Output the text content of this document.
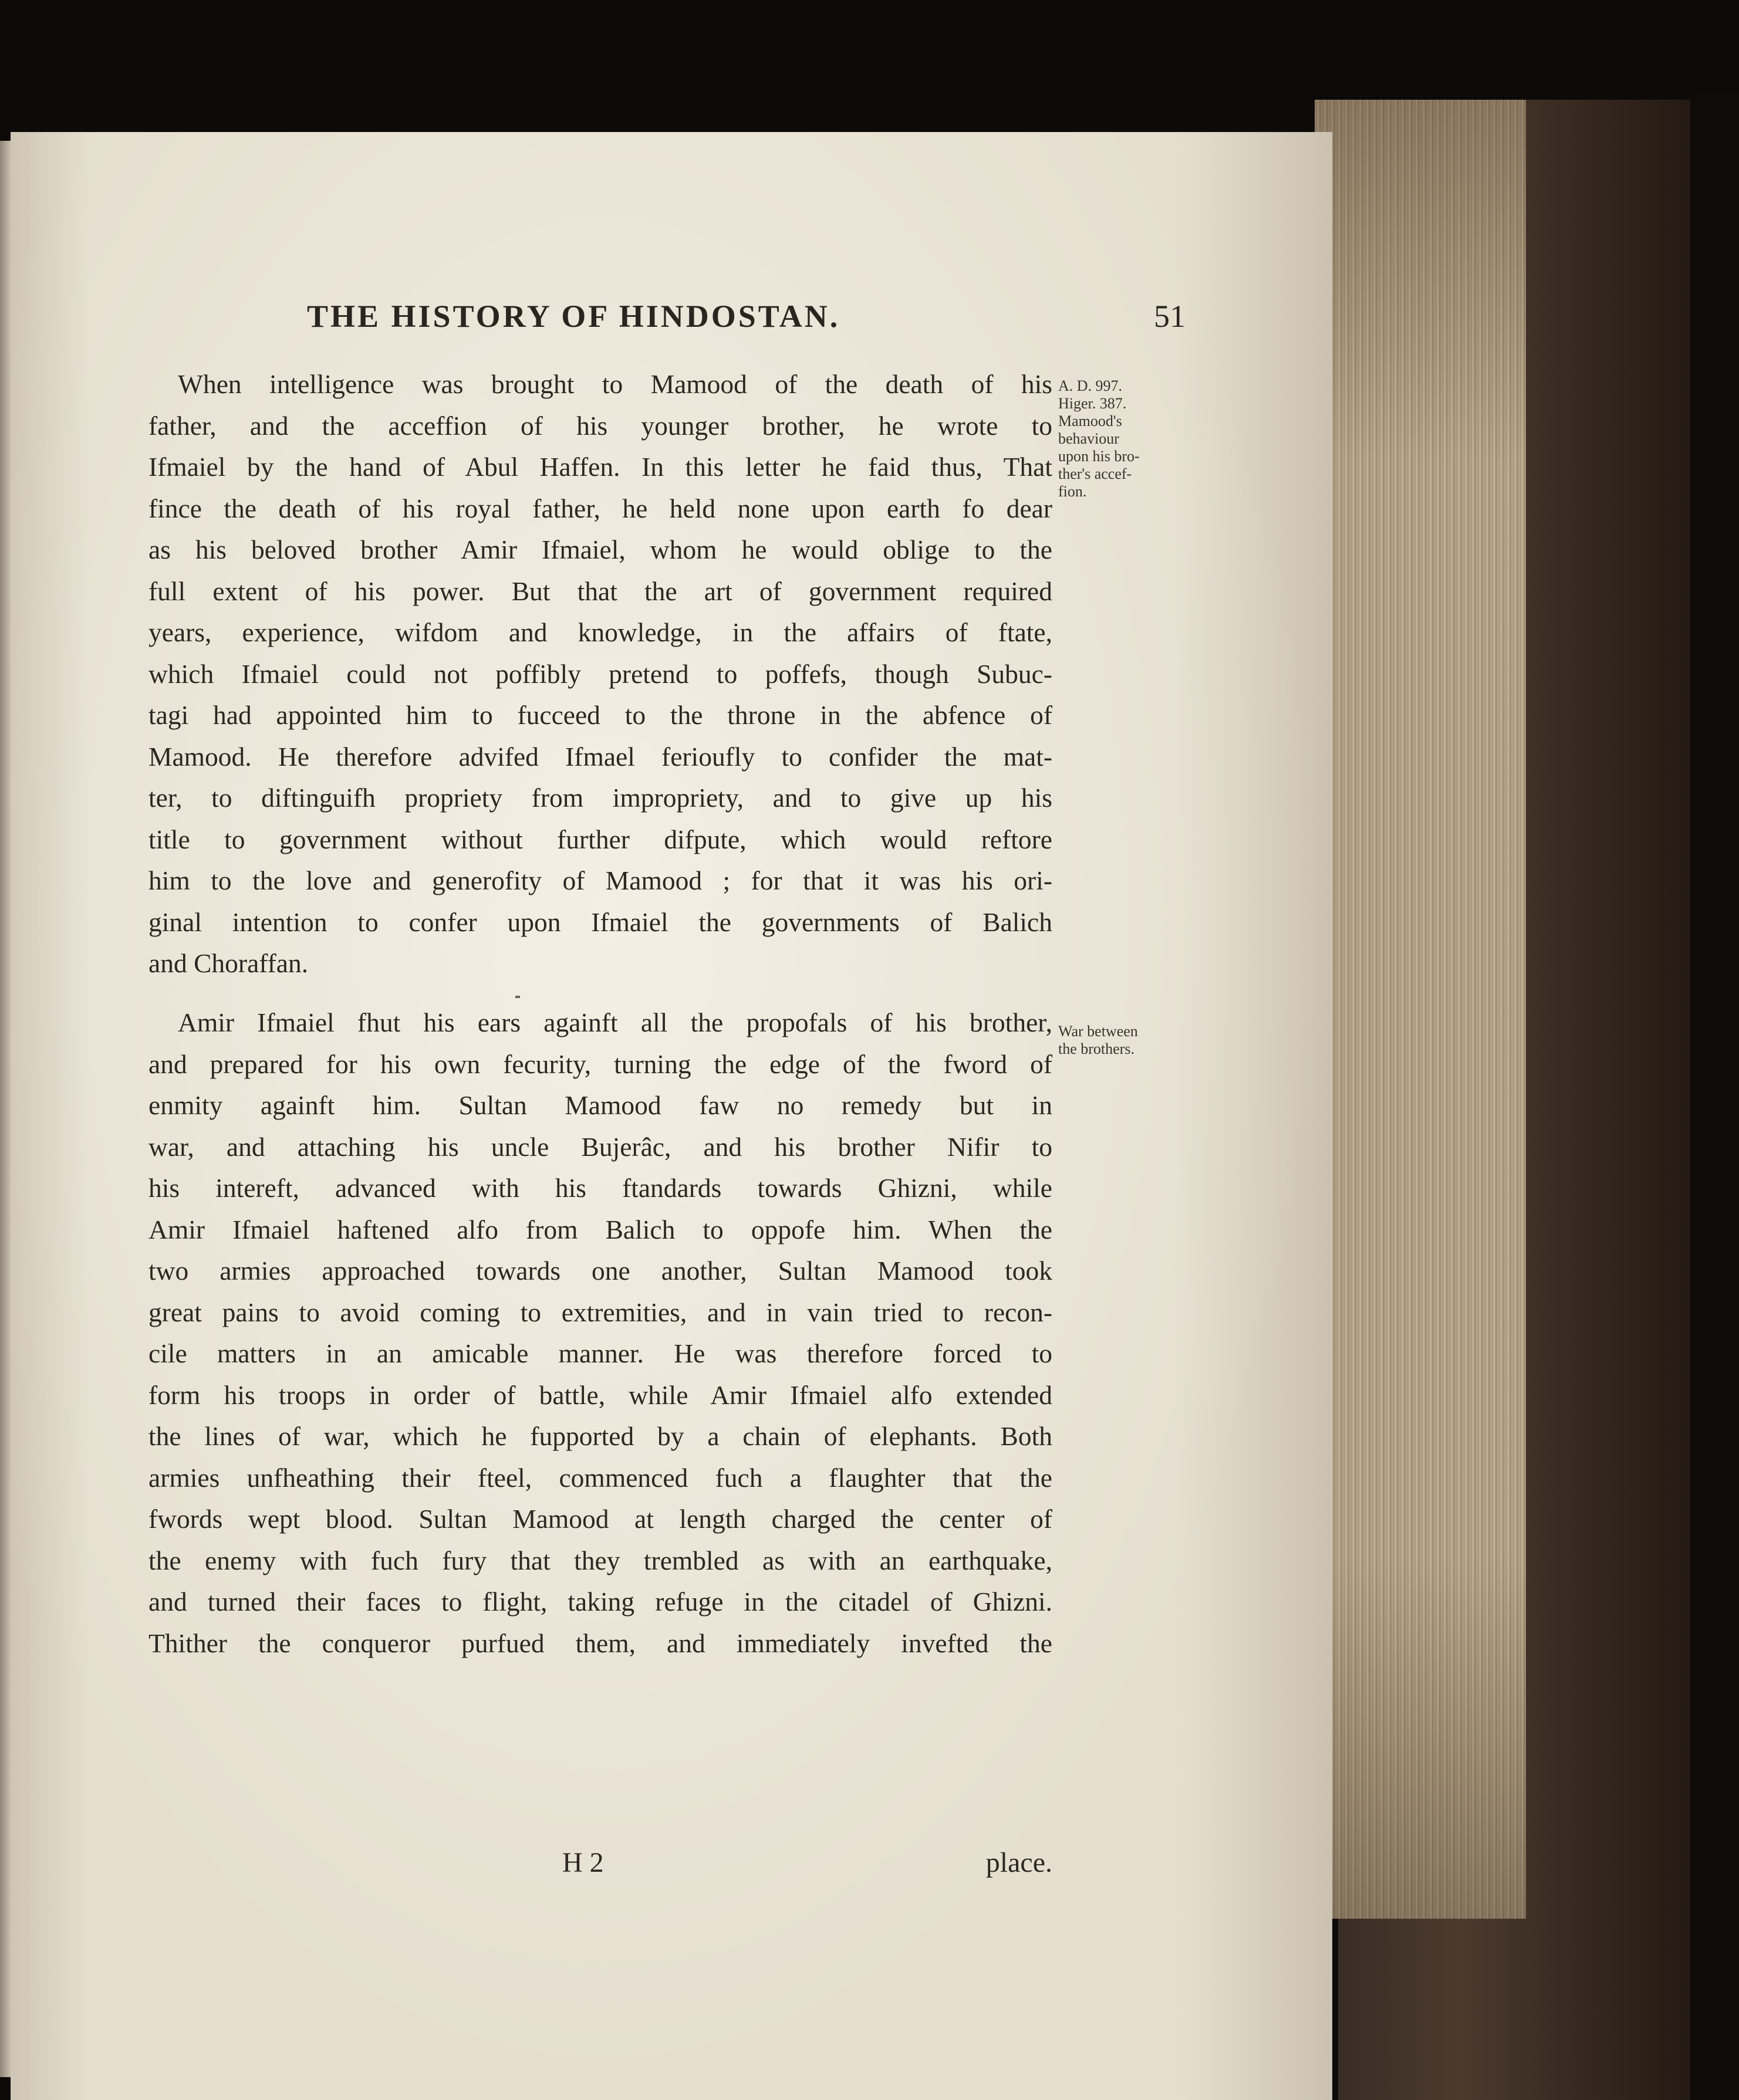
THE HISTORY OF HINDOSTAN.	51

When intelligence was brought to Mamood of the death of his
father, and the acceffion of his younger brother, he wrote to
Ifmaiel by the hand of Abul Haffen. In this letter he faid thus, That
fince the death of his royal father, he held none upon earth fo dear
as his beloved brother Amir Ifmaiel, whom he would oblige to the
full extent of his power. But that the art of government required
years, experience, wifdom and knowledge, in the affairs of ftate,
which Ifmaiel could not poffibly pretend to poffefs, though Subuc-
tagi had appointed him to fucceed to the throne in the abfence of
Mamood. He therefore advifed Ifmael ferioufly to confider the mat-
ter, to diftinguifh propriety from impropriety, and to give up his
title to government without further difpute, which would reftore
him to the love and generofity of Mamood ; for that it was his ori-
ginal intention to confer upon Ifmaiel the governments of Balich
and Choraffan.
A. D. 997.
Higer. 387.
Mamood's
behaviour
upon his bro-
ther's accef-
fion.
Amir Ifmaiel fhut his ears againft all the propofals of his brother,
and prepared for his own fecurity, turning the edge of the fword of
enmity againft him. Sultan Mamood faw no remedy but in
war, and attaching his uncle Bujerâc, and his brother Nifir to
his intereft, advanced with his ftandards towards Ghizni, while
Amir Ifmaiel haftened alfo from Balich to oppofe him. When the
two armies approached towards one another, Sultan Mamood took
great pains to avoid coming to extremities, and in vain tried to recon-
cile matters in an amicable manner. He was therefore forced to
form his troops in order of battle, while Amir Ifmaiel alfo extended
the lines of war, which he fupported by a chain of elephants. Both
armies unfheathing their fteel, commenced fuch a flaughter that the
fwords wept blood. Sultan Mamood at length charged the center of
the enemy with fuch fury that they trembled as with an earthquake,
and turned their faces to flight, taking refuge in the citadel of Ghizni.
Thither the conqueror purfued them, and immediately invefted the
War between
the brothers.

H 2	place.
